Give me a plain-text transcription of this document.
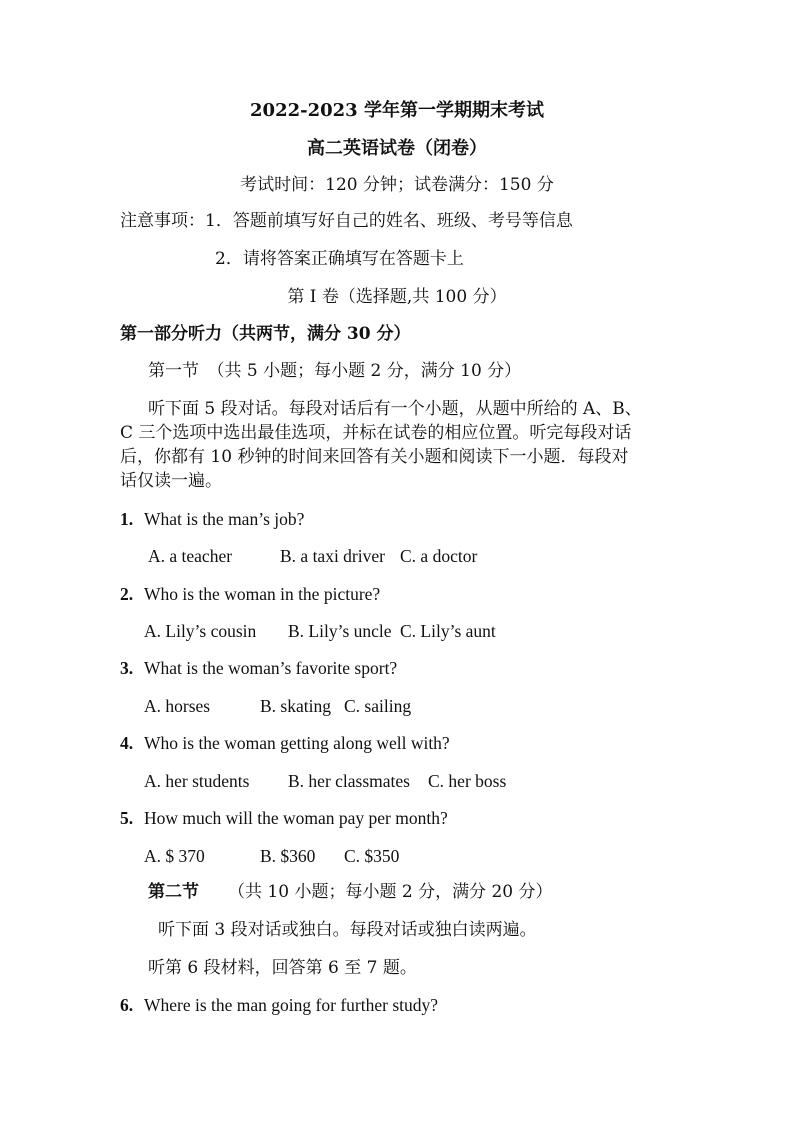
2022-2023 学年第一学期期末考试
高二英语试卷（闭卷）
考试时间：120 分钟；试卷满分：150 分
注意事项：1．答题前填写好自己的姓名、班级、考号等信息
2．请将答案正确填写在答题卡上
第 Ⅰ 卷（选择题,共 100 分）
第一部分听力（共两节，满分 30 分）
第一节　（共 5 小题；每小题 2 分，满分 10 分）
听下面 5 段对话。每段对话后有一个小题，从题中所给的 A、B、
C 三个选项中选出最佳选项，并标在试卷的相应位置。听完每段对话
后，你都有 10 秒钟的时间来回答有关小题和阅读下一小题．每段对
话仅读一遍。
1. What is the man’s job?
A. a teacher	B. a taxi driver C. a doctor
2. Who is the woman in the picture?
A. Lily’s cousin B. Lily’s uncle C. Lily’s aunt
3. What is the woman’s favorite sport?
A. horses	B. skating C. sailing
4. Who is the woman getting along well with?
A. her students B. her classmates C. her boss
5. How much will the woman pay per month?
A. $ 370	B. $360 C. $350
第二节 （共 10 小题；每小题 2 分，满分 20 分）
听下面 3 段对话或独白。每段对话或独白读两遍。
听第 6 段材料，回答第 6 至 7 题。
6. Where is the man going for further study?
